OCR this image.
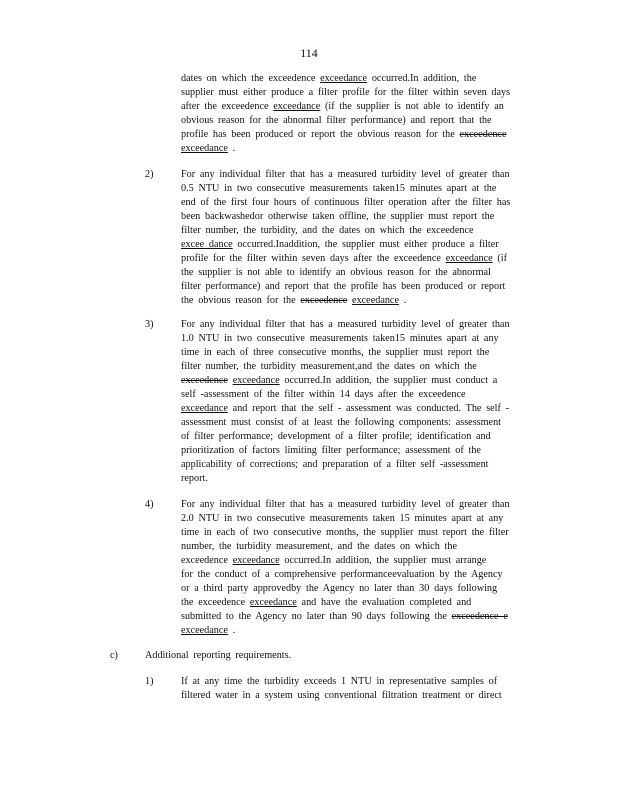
114
dates on which the exceedence exceedance occurred.In addition, the
supplier must either produce a filter profile for the filter within seven days
after the exceedence exceedance (if the supplier is not able to identify an
obvious reason for the abnormal filter performance) and report that the
profile has been produced or report the obvious reason for the exceedence
exceedance .
2)	For any individual filter that has a measured turbidity level of greater than
0.5 NTU in two consecutive measurements taken15 minutes apart at the
end of the first four hours of continuous filter operation after the filter has
been backwashedor otherwise taken offline, the supplier must report the
filter number, the turbidity, and the dates on which the exceedence
excee dance occurred.Inaddition, the supplier must either produce a filter
profile for the filter within seven days after the exceedence exceedance (if
the supplier is not able to identify an obvious reason for the abnormal
filter performance) and report that the profile has been produced or report
the obvious reason for the exceedence exceedance .
3)	For any individual filter that has a measured turbidity level of greater than
1.0 NTU in two consecutive measurements taken15 minutes apart at any
time in each of three consecutive months, the supplier must report the
filter number, the turbidity measurement,and the dates on which the
exceedence exceedance occurred.In addition, the supplier must conduct a
self -assessment of the filter within 14 days after the exceedence
exceedance and report that the self - assessment was conducted. The self -
assessment must consist of at least the following components: assessment
of filter performance; development of a filter profile; identification and
prioritization of factors limiting filter performance; assessment of the
applicability of corrections; and preparation of a filter self -assessment
report.
4)	For any individual filter that has a measured turbidity level of greater than
2.0 NTU in two consecutive measurements taken 15 minutes apart at any
time in each of two consecutive months, the supplier must report the filter
number, the turbidity measurement, and the dates on which the
exceedence exceedance occurred.In addition, the supplier must arrange
for the conduct of a comprehensive performanceevaluation by the Agency
or a third party approvedby the Agency no later than 30 days following
the exceedence exceedance and have the evaluation completed and
submitted to the Agency no later than 90 days following the exceedence e
exceedance .
c)	Additional reporting requirements.
1)	If at any time the turbidity exceeds 1 NTU in representative samples of
filtered water in a system using conventional filtration treatment or direct
